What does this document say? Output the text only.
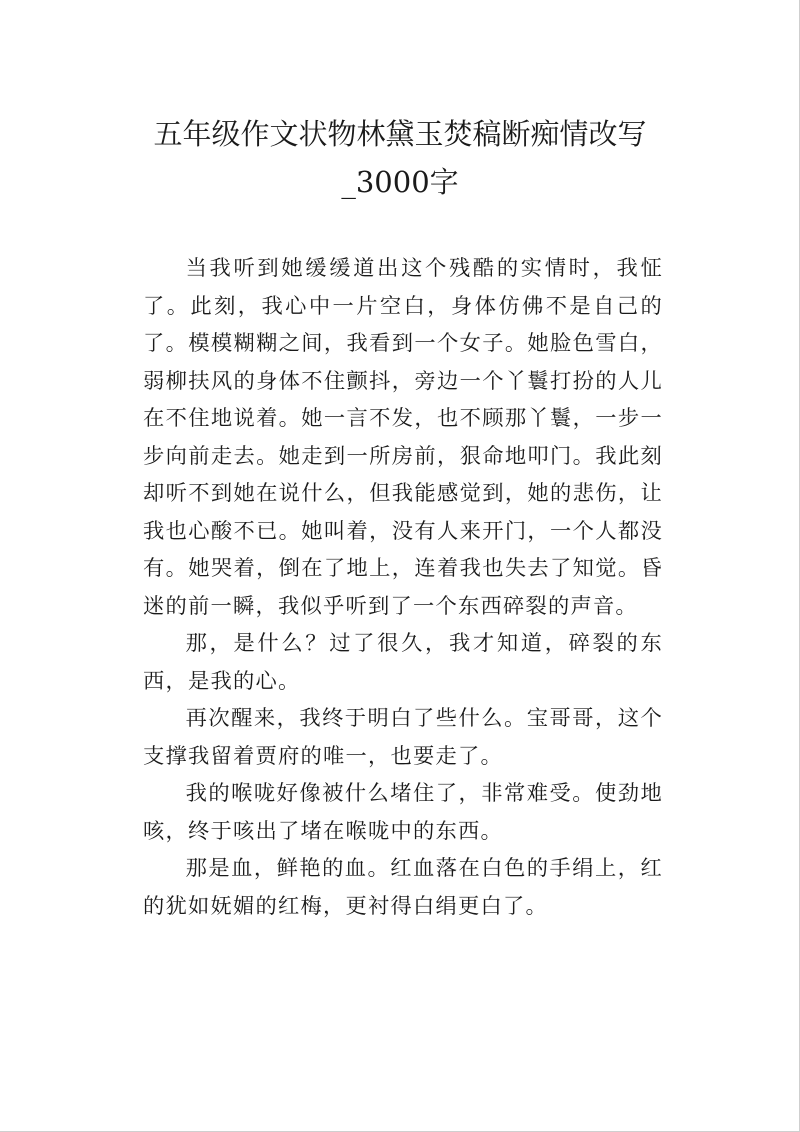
五年级作文状物林黛玉焚稿断痴情改写_3000字

当我听到她缓缓道出这个残酷的实情时，我怔了。此刻，我心中一片空白，身体仿佛不是自己的了。模模糊糊之间，我看到一个女子。她脸色雪白，弱柳扶风的身体不住颤抖，旁边一个丫鬟打扮的人儿在不住地说着。她一言不发，也不顾那丫鬟，一步一步向前走去。她走到一所房前，狠命地叩门。我此刻却听不到她在说什么，但我能感觉到，她的悲伤，让我也心酸不已。她叫着，没有人来开门，一个人都没有。她哭着，倒在了地上，连着我也失去了知觉。昏迷的前一瞬，我似乎听到了一个东西碎裂的声音。

那，是什么？过了很久，我才知道，碎裂的东西，是我的心。

再次醒来，我终于明白了些什么。宝哥哥，这个支撑我留着贾府的唯一，也要走了。

我的喉咙好像被什么堵住了，非常难受。使劲地咳，终于咳出了堵在喉咙中的东西。

那是血，鲜艳的血。红血落在白色的手绢上，红的犹如妩媚的红梅，更衬得白绢更白了。
